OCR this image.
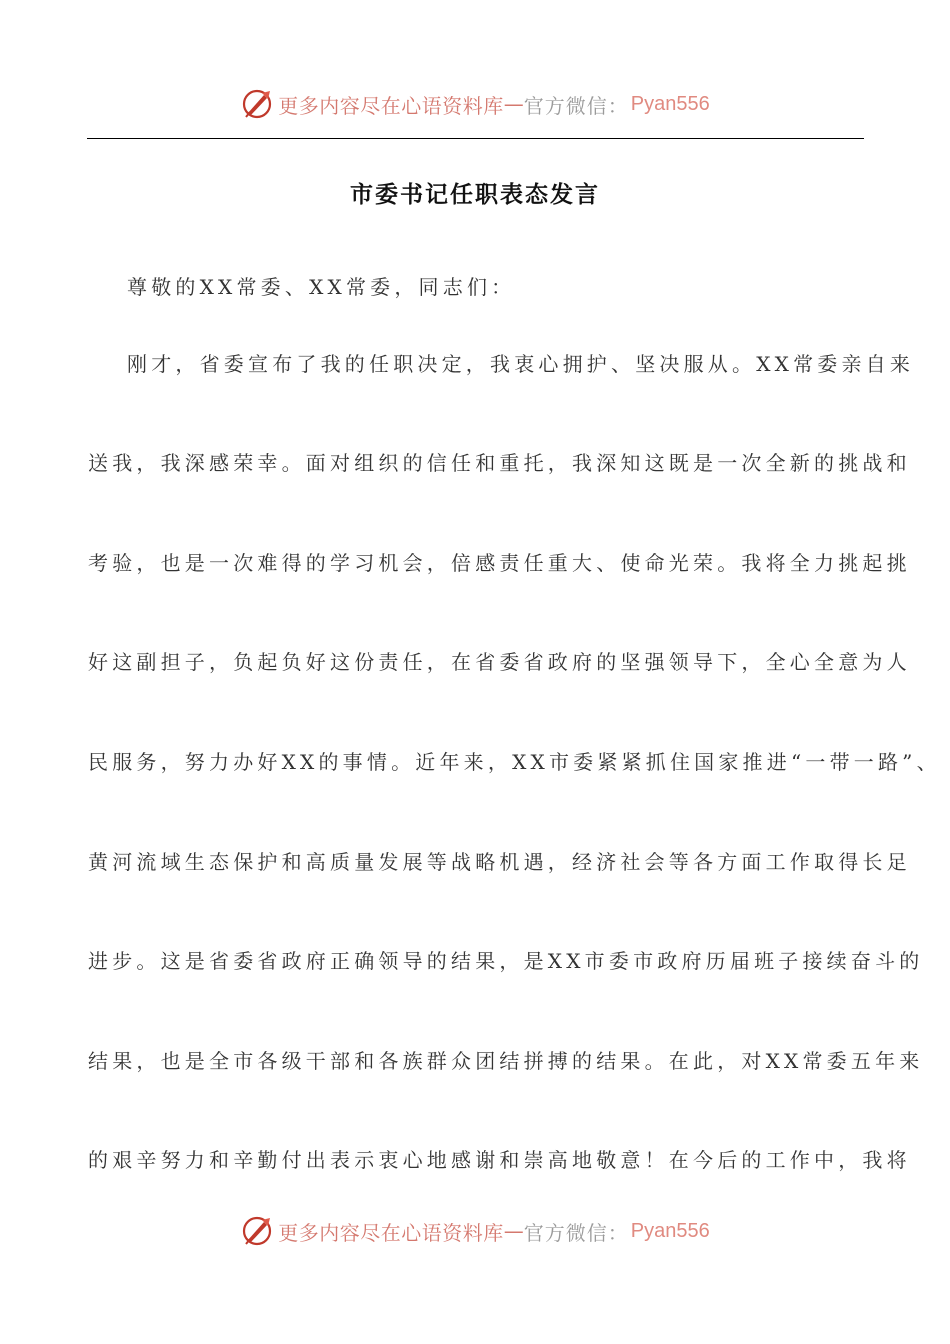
更多内容尽在心语资料库 — 官方微信： Pyan556
市委书记任职表态发言
尊敬的XX常委、XX常委，同志们：
刚才，省委宣布了我的任职决定，我衷心拥护、坚决服从。XX常委亲自来
送我，我深感荣幸。面对组织的信任和重托，我深知这既是一次全新的挑战和
考验，也是一次难得的学习机会，倍感责任重大、使命光荣。我将全力挑起挑
好这副担子，负起负好这份责任，在省委省政府的坚强领导下，全心全意为人
民服务，努力办好XX的事情。近年来，XX市委紧紧抓住国家推进“一带一路”、
黄河流域生态保护和高质量发展等战略机遇，经济社会等各方面工作取得长足
进步。这是省委省政府正确领导的结果，是XX市委市政府历届班子接续奋斗的
结果，也是全市各级干部和各族群众团结拼搏的结果。在此，对XX常委五年来
的艰辛努力和辛勤付出表示衷心地感谢和崇高地敬意！在今后的工作中，我将
更多内容尽在心语资料库 — 官方微信： Pyan556
